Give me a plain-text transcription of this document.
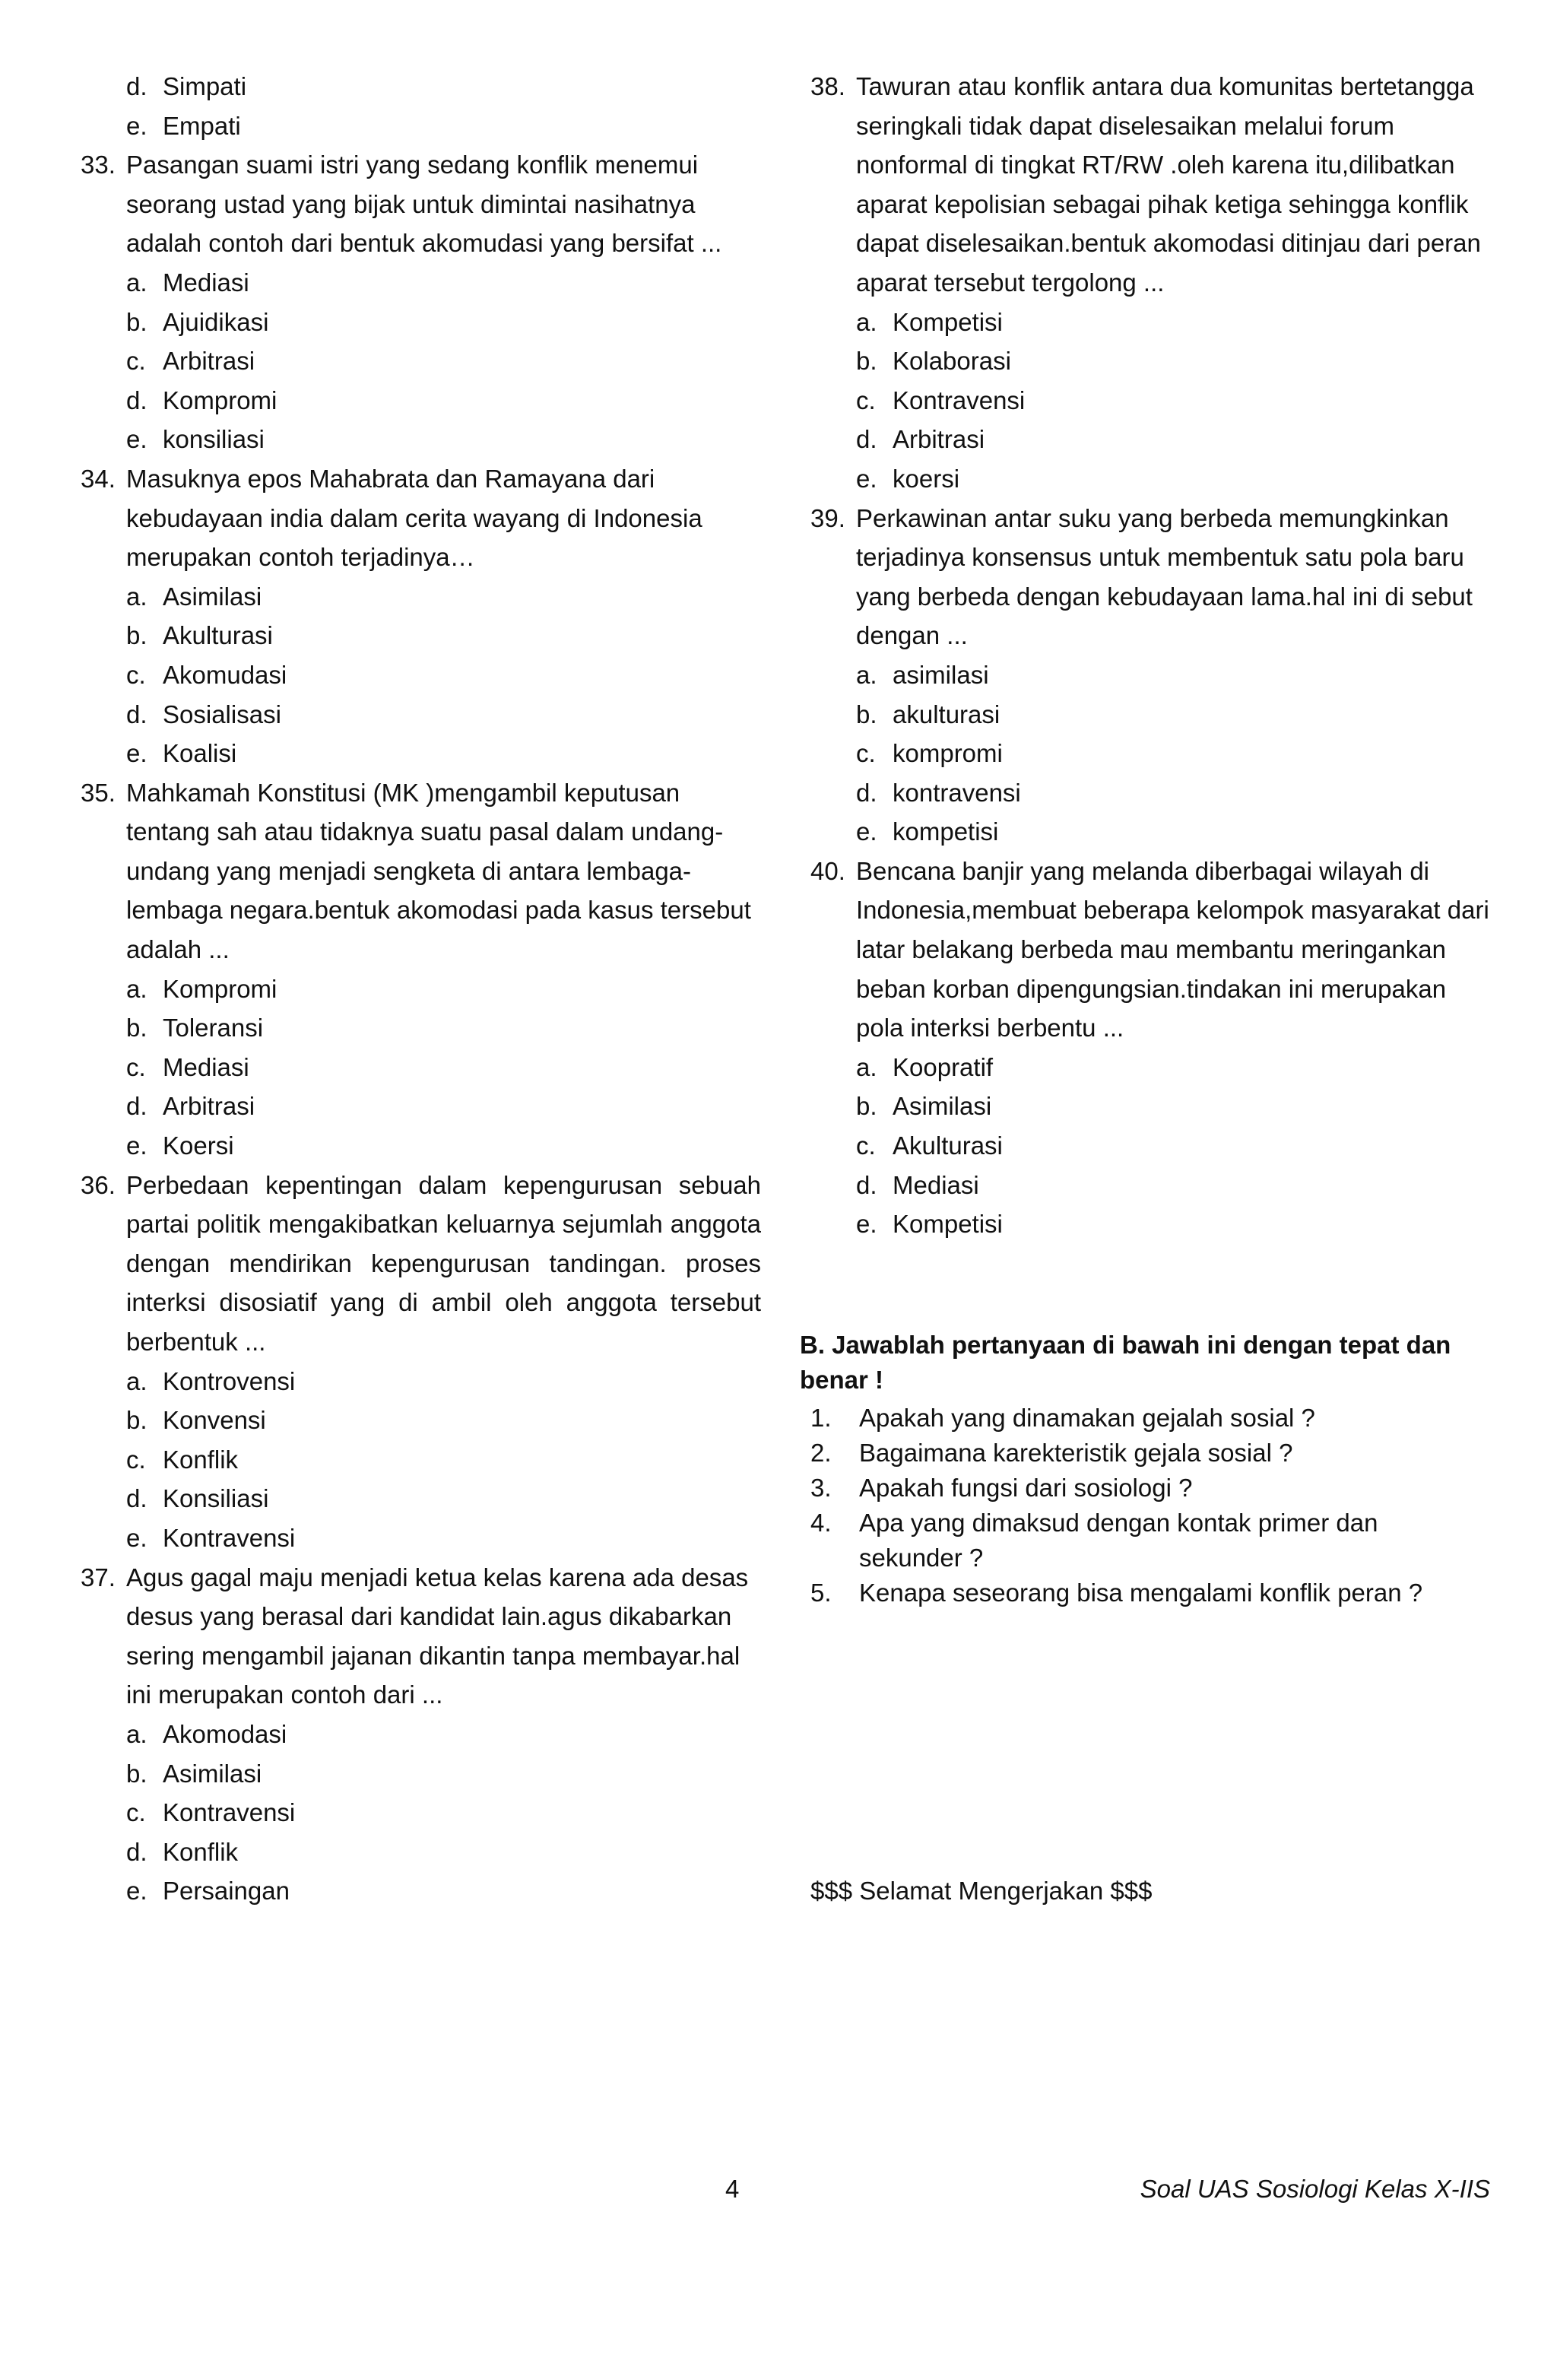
d. Simpati
e. Empati
33. Pasangan suami istri yang sedang konflik menemui seorang ustad yang bijak untuk dimintai nasihatnya adalah contoh dari bentuk akomudasi yang bersifat ...
a. Mediasi
b. Ajuidikasi
c. Arbitrasi
d. Kompromi
e. konsiliasi
34. Masuknya epos Mahabrata dan Ramayana dari kebudayaan india dalam cerita wayang di Indonesia merupakan contoh terjadinya…
a. Asimilasi
b. Akulturasi
c. Akomudasi
d. Sosialisasi
e. Koalisi
35. Mahkamah Konstitusi (MK )mengambil keputusan tentang sah atau tidaknya suatu pasal dalam undang-undang yang menjadi sengketa di antara lembaga-lembaga negara.bentuk akomodasi pada kasus tersebut adalah ...
a. Kompromi
b. Toleransi
c. Mediasi
d. Arbitrasi
e. Koersi
36. Perbedaan kepentingan dalam kepengurusan sebuah partai politik mengakibatkan keluarnya sejumlah anggota dengan mendirikan kepengurusan tandingan. proses interksi disosiatif yang di ambil oleh anggota tersebut berbentuk ...
a. Kontrovensi
b. Konvensi
c. Konflik
d. Konsiliasi
e. Kontravensi
37. Agus gagal maju menjadi ketua kelas karena ada desas desus yang berasal dari kandidat lain.agus dikabarkan sering mengambil jajanan dikantin tanpa membayar.hal ini merupakan contoh dari ...
a. Akomodasi
b. Asimilasi
c. Kontravensi
d. Konflik
e. Persaingan
38. Tawuran atau konflik antara dua komunitas bertetangga seringkali tidak dapat diselesaikan melalui forum nonformal di tingkat RT/RW .oleh karena itu,dilibatkan aparat kepolisian sebagai pihak ketiga sehingga konflik dapat diselesaikan.bentuk akomodasi ditinjau dari peran aparat tersebut tergolong ...
a. Kompetisi
b. Kolaborasi
c. Kontravensi
d. Arbitrasi
e. koersi
39. Perkawinan antar suku yang berbeda memungkinkan terjadinya konsensus untuk membentuk satu pola baru yang berbeda dengan kebudayaan lama.hal ini di sebut dengan ...
a. asimilasi
b. akulturasi
c. kompromi
d. kontravensi
e. kompetisi
40. Bencana banjir yang melanda diberbagai wilayah di Indonesia,membuat beberapa kelompok masyarakat dari latar belakang berbeda mau membantu meringankan beban korban dipengungsian.tindakan ini merupakan pola interksi berbentu ...
a. Koopratif
b. Asimilasi
c. Akulturasi
d. Mediasi
e. Kompetisi
B. Jawablah pertanyaan di bawah ini dengan tepat dan benar !
1.	Apakah yang dinamakan gejalah sosial ?
2.	Bagaimana karekteristik gejala sosial ?
3.	Apakah fungsi dari sosiologi ?
4.	Apa yang dimaksud dengan kontak primer dan sekunder ?
5.	Kenapa seseorang bisa mengalami konflik peran ?
$$$ Selamat Mengerjakan $$$
4	Soal UAS Sosiologi Kelas X-IIS
